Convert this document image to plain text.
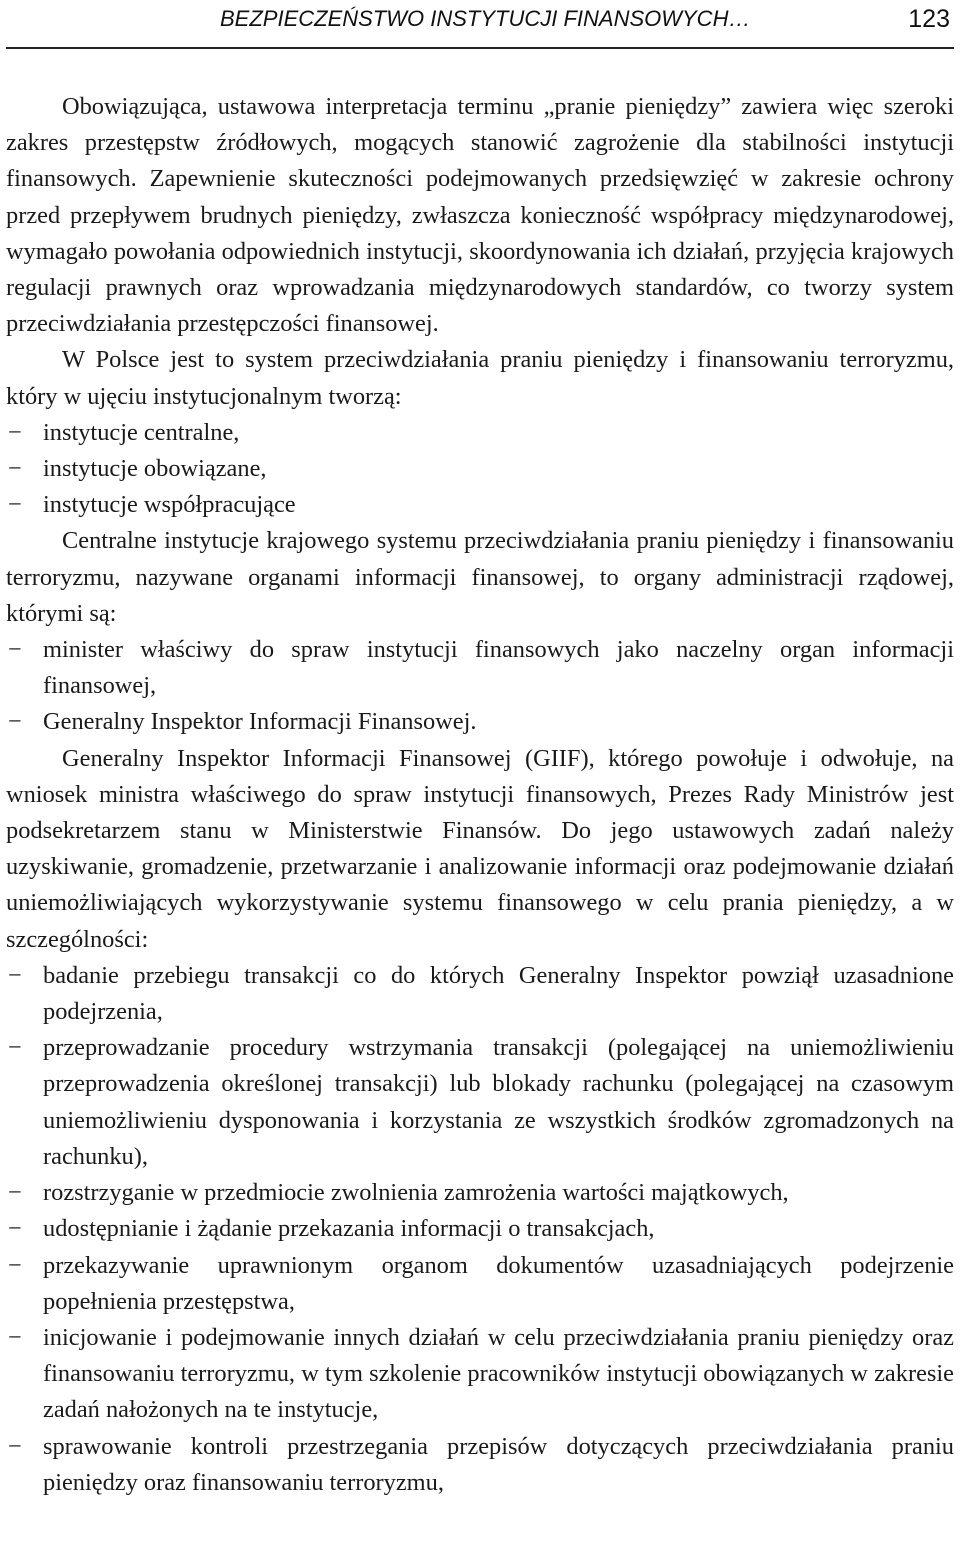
BEZPIECZEŃSTWO INSTYTUCJI FINANSOWYCH…	123

Obowiązująca, ustawowa interpretacja terminu „pranie pieniędzy” zawiera więc szeroki zakres przestępstw źródłowych, mogących stanowić zagrożenie dla stabilności instytucji finansowych. Zapewnienie skuteczności podejmowanych przedsięwzięć w zakresie ochrony przed przepływem brudnych pieniędzy, zwłaszcza konieczność współpracy międzynarodowej, wymagało powołania odpowiednich instytucji, skoordynowania ich działań, przyjęcia krajowych regulacji prawnych oraz wprowadzania międzynarodowych standardów, co tworzy system przeciwdziałania przestępczości finansowej.

W Polsce jest to system przeciwdziałania praniu pieniędzy i finansowaniu terroryzmu, który w ujęciu instytucjonalnym tworzą:

− instytucje centralne,
− instytucje obowiązane,
− instytucje współpracujące

Centralne instytucje krajowego systemu przeciwdziałania praniu pieniędzy i finansowaniu terroryzmu, nazywane organami informacji finansowej, to organy administracji rządowej, którymi są:

− minister właściwy do spraw instytucji finansowych jako naczelny organ informacji finansowej,
− Generalny Inspektor Informacji Finansowej.

Generalny Inspektor Informacji Finansowej (GIIF), którego powołuje i odwołuje, na wniosek ministra właściwego do spraw instytucji finansowych, Prezes Rady Ministrów jest podsekretarzem stanu w Ministerstwie Finansów. Do jego ustawowych zadań należy uzyskiwanie, gromadzenie, przetwarzanie i analizowanie informacji oraz podejmowanie działań uniemożliwiających wykorzystywanie systemu finansowego w celu prania pieniędzy, a w szczególności:

− badanie przebiegu transakcji co do których Generalny Inspektor powziął uzasadnione podejrzenia,
− przeprowadzanie procedury wstrzymania transakcji (polegającej na uniemożliwieniu przeprowadzenia określonej transakcji) lub blokady rachunku (polegającej na czasowym uniemożliwieniu dysponowania i korzystania ze wszystkich środków zgromadzonych na rachunku),
− rozstrzyganie w przedmiocie zwolnienia zamrożenia wartości majątkowych,
− udostępnianie i żądanie przekazania informacji o transakcjach,
− przekazywanie uprawnionym organom dokumentów uzasadniających podejrzenie popełnienia przestępstwa,
− inicjowanie i podejmowanie innych działań w celu przeciwdziałania praniu pieniędzy oraz finansowaniu terroryzmu, w tym szkolenie pracowników instytucji obowiązanych w zakresie zadań nałożonych na te instytucje,
− sprawowanie kontroli przestrzegania przepisów dotyczących przeciwdziałania praniu pieniędzy oraz finansowaniu terroryzmu,
